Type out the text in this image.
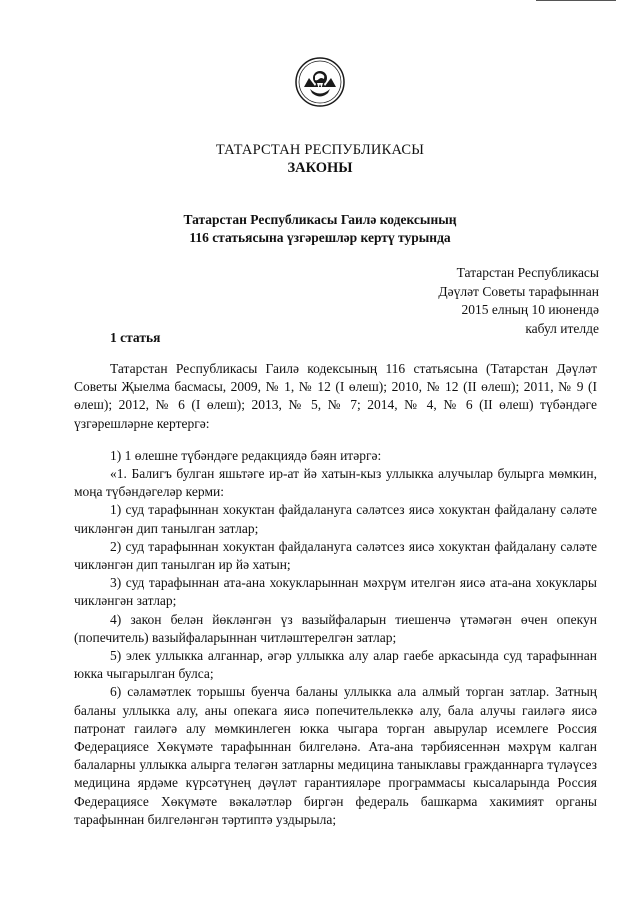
ТАТАРСТАН РЕСПУБЛИКАСЫ
ЗАКОНЫ
Татарстан Республикасы Гаилә кодексының
116 статьясына үзгәрешләр кертү турында
Татарстан Республикасы
Дәүләт Советы тарафыннан
2015 елның 10 июнендә
кабул ителде
1 статья
Татарстан Республикасы Гаилә кодексының 116 статьясына (Татарстан Дәүләт Советы Җыелма басмасы, 2009, № 1, № 12 (I өлеш); 2010, № 12 (II өлеш); 2011, № 9 (I өлеш); 2012, № 6 (I өлеш); 2013, № 5, № 7; 2014, № 4, № 6 (II өлеш) түбәндәге үзгәрешләрне кертергә:
1) 1 өлешне түбәндәге редакциядә бәян итәргә:
«1. Балигъ булган яшьтәге ир-ат йә хатын-кыз уллыкка алучылар булырга мөмкин, моңа түбәндәгеләр керми:
1) суд тарафыннан хокуктан файдалануга сәләтсез яисә хокуктан файдалану сәләте чикләнгән дип танылган затлар;
2) суд тарафыннан хокуктан файдалануга сәләтсез яисә хокуктан файдалану сәләте чикләнгән дип танылган ир йә хатын;
3) суд тарафыннан ата-ана хокукларыннан мәхрүм ителгән яисә ата-ана хокуклары чикләнгән затлар;
4) закон белән йөкләнгән үз вазыйфаларын тиешенчә үтәмәгән өчен опекун (попечитель) вазыйфаларыннан читләштерелгән затлар;
5) элек уллыкка алганнар, әгәр уллыкка алу алар гаебе аркасында суд тарафыннан юкка чыгарылган булса;
6) сәламәтлек торышы буенча баланы уллыкка ала алмый торган затлар. Затның баланы уллыкка алу, аны опекага яисә попечительлеккә алу, бала алучы гаиләгә яисә патронат гаиләгә алу мөмкинлеген юкка чыгара торган авырулар исемлеге Россия Федерациясе Хөкүмәте тарафыннан билгеләнә. Ата-ана тәрбиясеннән мәхрүм калган балаларны уллыкка алырга теләгән затларны медицина таныклавы гражданнарга түләүсез медицина ярдәме күрсәтүнең дәүләт гарантияләре программасы кысаларында Россия Федерациясе Хөкүмәте вәкаләтләр биргән федераль башкарма хакимият органы тарафыннан билгеләнгән тәртиптә уздырыла;
